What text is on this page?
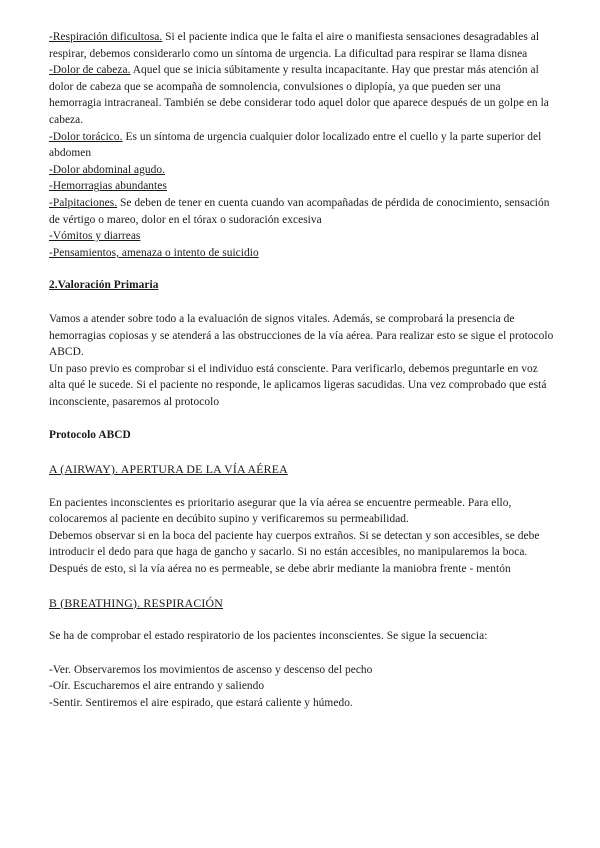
-Respiración dificultosa. Si el paciente indica que le falta el aire o manifiesta sensaciones desagradables al respirar, debemos considerarlo como un síntoma de urgencia. La dificultad para respirar se llama disnea

-Dolor de cabeza. Aquel que se inicia súbitamente y resulta incapacitante. Hay que prestar más atención al dolor de cabeza que se acompaña de somnolencia, convulsiones o diplopía, ya que pueden ser una hemorragia intracraneal. También se debe considerar todo aquel dolor que aparece después de un golpe en la cabeza.

-Dolor torácico. Es un síntoma de urgencia cualquier dolor localizado entre el cuello y la parte superior del abdomen

-Dolor abdominal agudo.

-Hemorragias abundantes

-Palpitaciones. Se deben de tener en cuenta cuando van acompañadas de pérdida de conocimiento, sensación de vértigo o mareo, dolor en el tórax o sudoración excesiva

-Vómitos y diarreas

-Pensamientos, amenaza o intento de suicidio

2.Valoración Primaria

Vamos a atender sobre todo a la evaluación de signos vitales. Además, se comprobará la presencia de hemorragias copiosas y se atenderá a las obstrucciones de la vía aérea. Para realizar esto se sigue el protocolo ABCD.

Un paso previo es comprobar si el individuo está consciente. Para verificarlo, debemos preguntarle en voz alta qué le sucede. Si el paciente no responde, le aplicamos ligeras sacudidas. Una vez comprobado que está inconsciente, pasaremos al protocolo

Protocolo ABCD
A (AIRWAY). APERTURA DE LA VÍA AÉREA

En pacientes inconscientes es prioritario asegurar que la vía aérea se encuentre permeable. Para ello, colocaremos al paciente en decúbito supino y verificaremos su permeabilidad.

Debemos observar si en la boca del paciente hay cuerpos extraños. Si se detectan y son accesibles, se debe introducir el dedo para que haga de gancho y sacarlo. Si no están accesibles, no manipularemos la boca.

Después de esto, si la vía aérea no es permeable, se debe abrir mediante la maniobra frente - mentón

B (BREATHING). RESPIRACIÓN

Se ha de comprobar el estado respiratorio de los pacientes inconscientes. Se sigue la secuencia:

-Ver. Observaremos los movimientos de ascenso y descenso del pecho

-Oír. Escucharemos el aire entrando y saliendo

-Sentir. Sentiremos el aire espirado, que estará caliente y húmedo.
